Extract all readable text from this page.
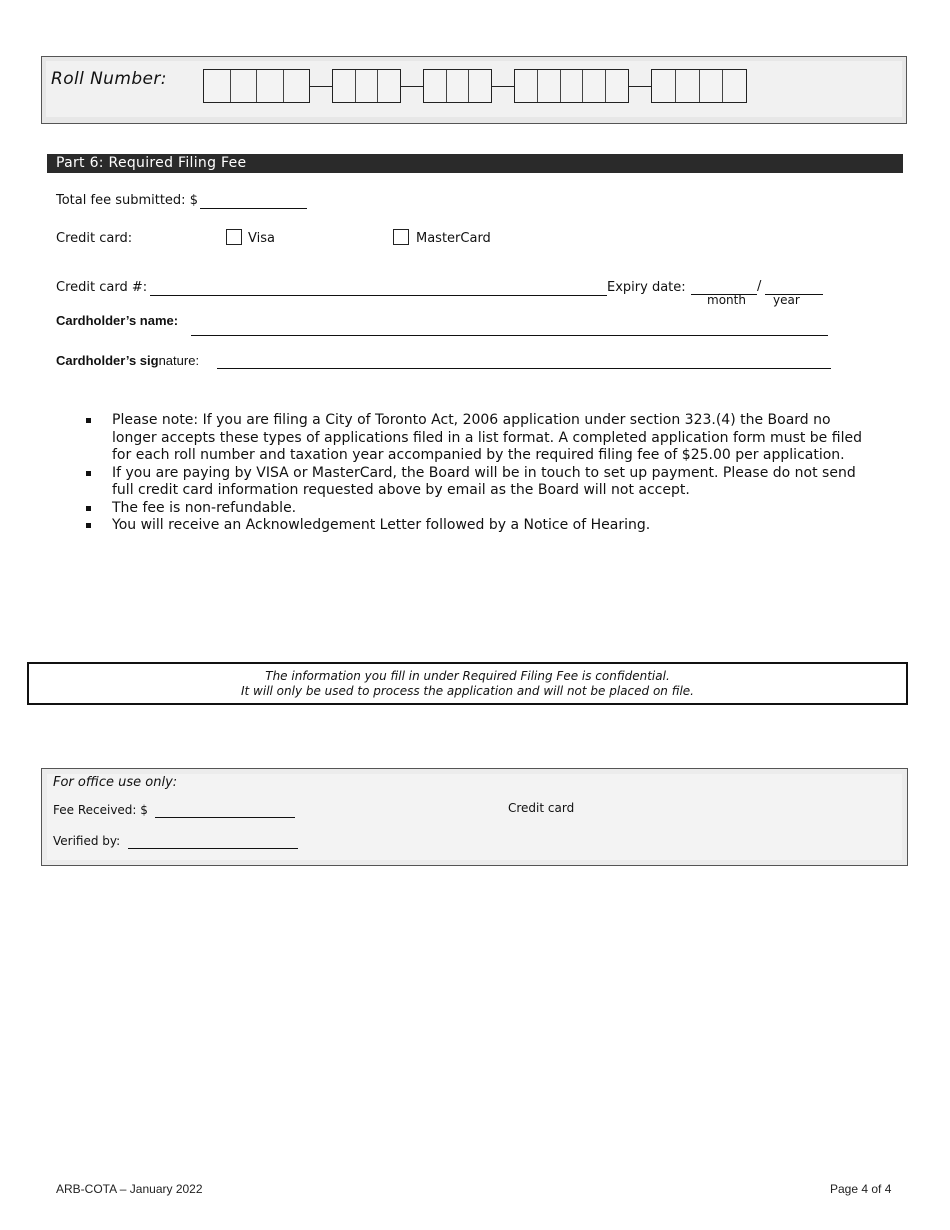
Roll Number:
Part 6: Required Filing Fee
Total fee submitted: $
Credit card:	Visa	MasterCard
Credit card #:	Expiry date:	/
month year
Cardholder’s name:
Cardholder’s signature:
Please note: If you are filing a City of Toronto Act, 2006 application under section 323.(4) the Board no longer accepts these types of applications filed in a list format. A completed application form must be filed for each roll number and taxation year accompanied by the required filing fee of $25.00 per application.
If you are paying by VISA or MasterCard, the Board will be in touch to set up payment. Please do not send full credit card information requested above by email as the Board will not accept.
The fee is non-refundable.
You will receive an Acknowledgement Letter followed by a Notice of Hearing.
The information you fill in under Required Filing Fee is confidential.
It will only be used to process the application and will not be placed on file.
For office use only:
Fee Received: $	Credit card
Verified by:
ARB-COTA – January 2022	Page 4 of 4
